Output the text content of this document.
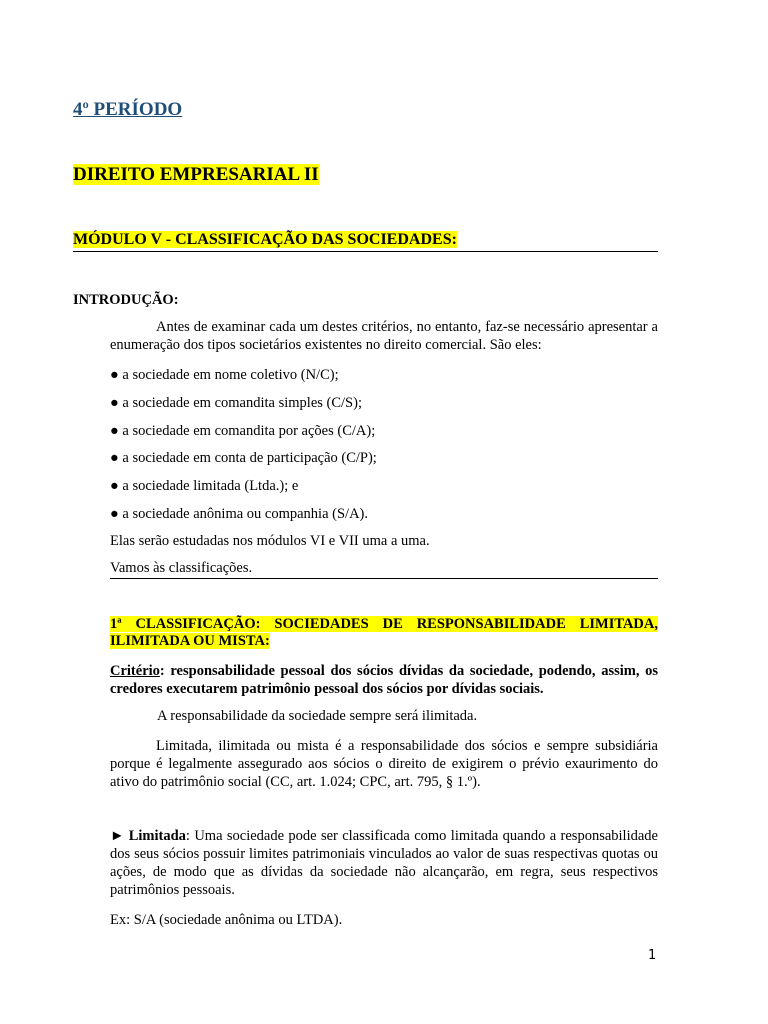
4º PERÍODO
DIREITO EMPRESARIAL II
MÓDULO V - CLASSIFICAÇÃO DAS SOCIEDADES:
INTRODUÇÃO:
Antes de examinar cada um destes critérios, no entanto, faz-se necessário apresentar a enumeração dos tipos societários existentes no direito comercial. São eles:
● a sociedade em nome coletivo (N/C);
● a sociedade em comandita simples (C/S);
● a sociedade em comandita por ações (C/A);
● a sociedade em conta de participação (C/P);
● a sociedade limitada (Ltda.); e
● a sociedade anônima ou companhia (S/A).
Elas serão estudadas nos módulos VI e VII uma a uma.
Vamos às classificações.
1ª CLASSIFICAÇÃO: SOCIEDADES DE RESPONSABILIDADE LIMITADA, ILIMITADA OU MISTA:
Critério: responsabilidade pessoal dos sócios dívidas da sociedade, podendo, assim, os credores executarem patrimônio pessoal dos sócios por dívidas sociais.
A responsabilidade da sociedade sempre será ilimitada.
Limitada, ilimitada ou mista é a responsabilidade dos sócios e sempre subsidiária porque é legalmente assegurado aos sócios o direito de exigirem o prévio exaurimento do ativo do patrimônio social (CC, art. 1.024; CPC, art. 795, § 1.º).
► Limitada: Uma sociedade pode ser classificada como limitada quando a responsabilidade dos seus sócios possuir limites patrimoniais vinculados ao valor de suas respectivas quotas ou ações, de modo que as dívidas da sociedade não alcançarão, em regra, seus respectivos patrimônios pessoais.
Ex: S/A (sociedade anônima ou LTDA).
1
